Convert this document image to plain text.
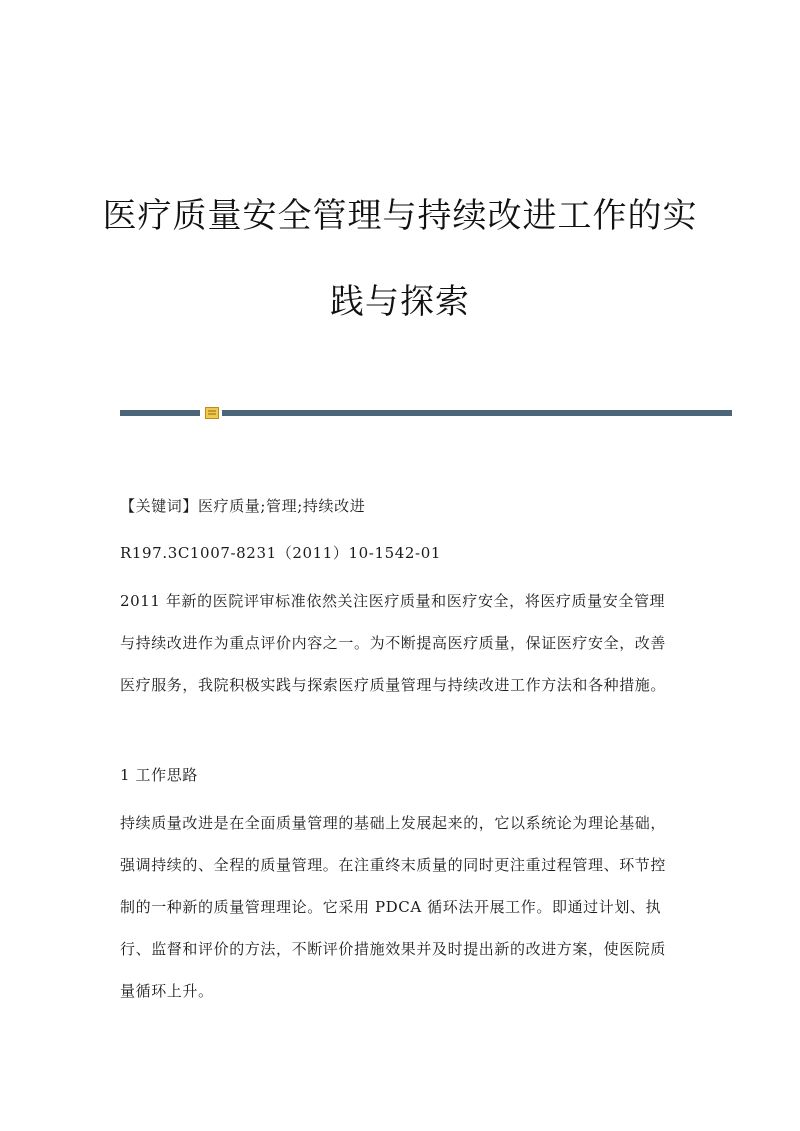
医疗质量安全管理与持续改进工作的实
践与探索

【关键词】医疗质量;管理;持续改进

R197.3C1007-8231（2011）10-1542-01

2011 年新的医院评审标准依然关注医疗质量和医疗安全，将医疗质量安全管理与持续改进作为重点评价内容之一。为不断提高医疗质量，保证医疗安全，改善医疗服务，我院积极实践与探索医疗质量管理与持续改进工作方法和各种措施。

1 工作思路

持续质量改进是在全面质量管理的基础上发展起来的，它以系统论为理论基础，强调持续的、全程的质量管理。在注重终末质量的同时更注重过程管理、环节控制的一种新的质量管理理论。它采用 PDCA 循环法开展工作。即通过计划、执行、监督和评价的方法，不断评价措施效果并及时提出新的改进方案，使医院质量循环上升。
